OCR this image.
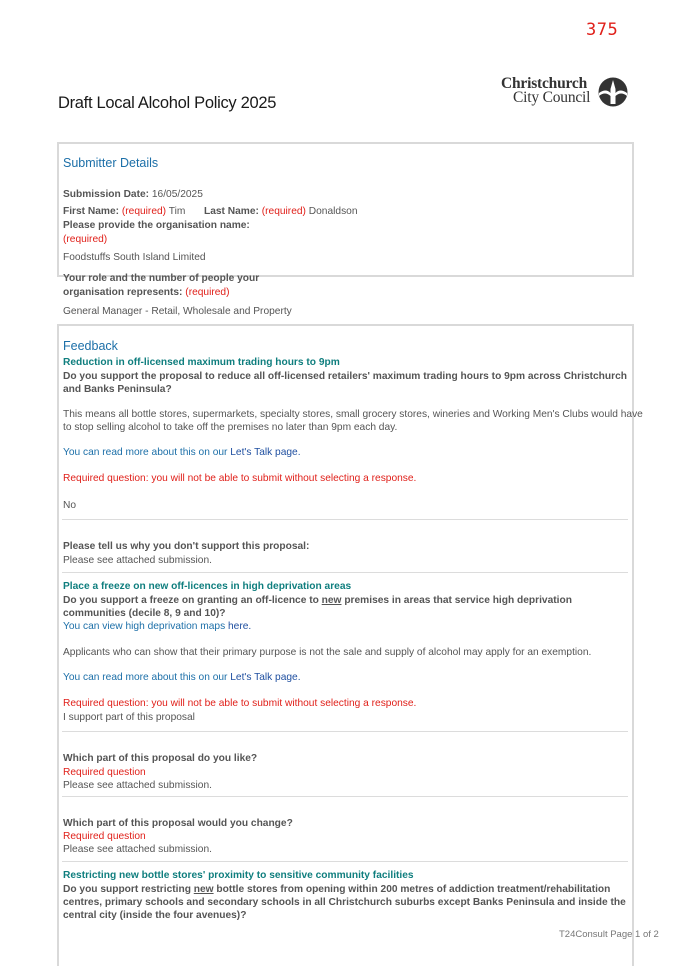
375
Draft Local Alcohol Policy 2025
Christchurch
City Council
Submitter Details
Submission Date: 16/05/2025
First Name: (required) Tim Last Name: (required) Donaldson
Please provide the organisation name:
(required)
Foodstuffs South Island Limited
Your role and the number of people your
organisation represents: (required)
General Manager - Retail, Wholesale and Property
Feedback
Reduction in off-licensed maximum trading hours to 9pm
Do you support the proposal to reduce all off-licensed retailers' maximum trading hours to 9pm across Christchurch
and Banks Peninsula?
This means all bottle stores, supermarkets, specialty stores, small grocery stores, wineries and Working Men's Clubs would have
to stop selling alcohol to take off the premises no later than 9pm each day.
You can read more about this on our Let's Talk page.
Required question: you will not be able to submit without selecting a response.
No
Please tell us why you don't support this proposal:
Please see attached submission.
Place a freeze on new off-licences in high deprivation areas
Do you support a freeze on granting an off-licence to new premises in areas that service high deprivation
communities (decile 8, 9 and 10)?
You can view high deprivation maps here.
Applicants who can show that their primary purpose is not the sale and supply of alcohol may apply for an exemption.
You can read more about this on our Let's Talk page.
Required question: you will not be able to submit without selecting a response.
I support part of this proposal
Which part of this proposal do you like?
Required question
Please see attached submission.
Which part of this proposal would you change?
Required question
Please see attached submission.
Restricting new bottle stores' proximity to sensitive community facilities
Do you support restricting new bottle stores from opening within 200 metres of addiction treatment/rehabilitation
centres, primary schools and secondary schools in all Christchurch suburbs except Banks Peninsula and inside the
central city (inside the four avenues)?
T24Consult Page 1 of 2
